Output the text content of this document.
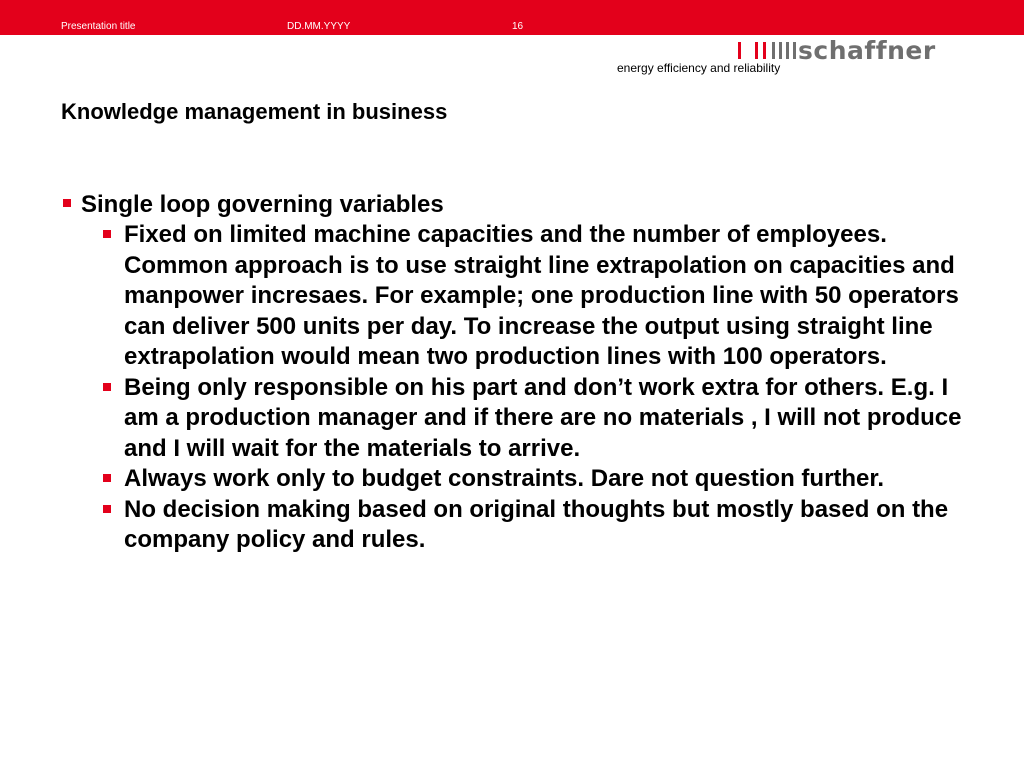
Presentation title	DD.MM.YYYY	16
schaffner
energy efficiency and reliability
Knowledge management in business
Single loop governing variables
Fixed on limited machine capacities and the number of employees. Common approach is to use straight line extrapolation on capacities and manpower incresaes. For example; one production line with 50 operators can deliver 500 units per day. To increase the output using straight line extrapolation would mean two production lines with 100 operators.
Being only responsible on his part and don’t work extra for others. E.g. I am a production manager and if there are no materials , I will not produce and I will wait for the materials to arrive.
Always work only to budget constraints. Dare not question further.
No decision making based on original thoughts but mostly based on the company policy and rules.
